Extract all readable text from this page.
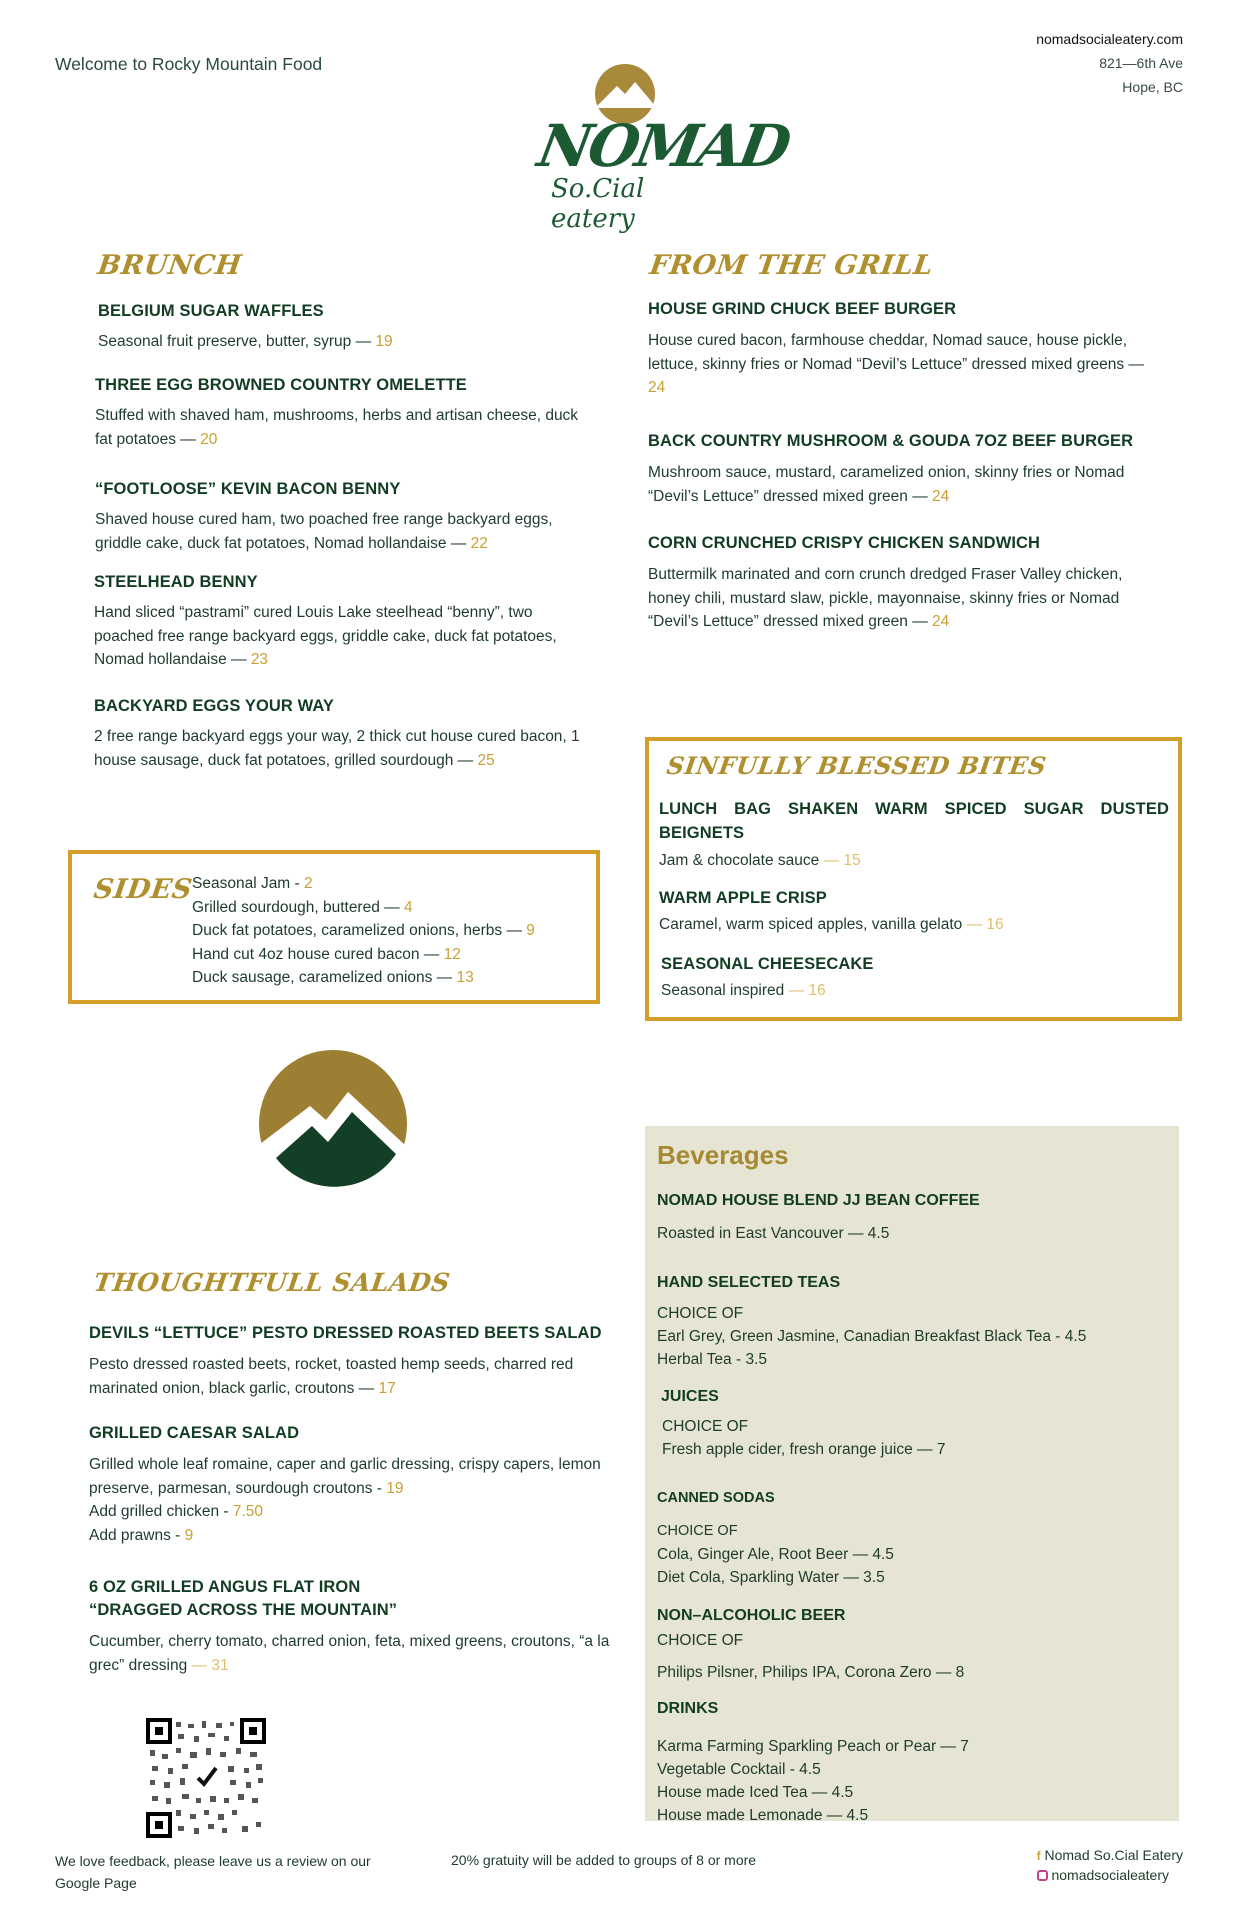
Welcome to Rocky Mountain Food
nomadsocialeatery.com
821—6th Ave
Hope, BC
NOMAD
So.Cial eatery
BRUNCH
BELGIUM SUGAR WAFFLES
Seasonal fruit preserve, butter, syrup — 19
THREE EGG BROWNED COUNTRY OMELETTE
Stuffed with shaved ham, mushrooms, herbs and artisan cheese, duck fat potatoes — 20
“FOOTLOOSE” KEVIN BACON BENNY
Shaved house cured ham, two poached free range backyard eggs, griddle cake, duck fat potatoes, Nomad hollandaise — 22
STEELHEAD BENNY
Hand sliced “pastrami” cured Louis Lake steelhead “benny”, two poached free range backyard eggs, griddle cake, duck fat potatoes, Nomad hollandaise — 23
BACKYARD EGGS YOUR WAY
2 free range backyard eggs your way, 2 thick cut house cured bacon, 1 house sausage, duck fat potatoes, grilled sourdough — 25
FROM THE GRILL
HOUSE GRIND CHUCK BEEF BURGER
House cured bacon, farmhouse cheddar, Nomad sauce, house pickle, lettuce, skinny fries or Nomad “Devil’s Lettuce” dressed mixed greens — 24
BACK COUNTRY MUSHROOM & GOUDA 7OZ BEEF BURGER
Mushroom sauce, mustard, caramelized onion, skinny fries or Nomad “Devil’s Lettuce” dressed mixed green — 24
CORN CRUNCHED CRISPY CHICKEN SANDWICH
Buttermilk marinated and corn crunch dredged Fraser Valley chicken, honey chili, mustard slaw, pickle, mayonnaise, skinny fries or Nomad “Devil’s Lettuce” dressed mixed green — 24
SIDES
Seasonal Jam - 2
Grilled sourdough, buttered — 4
Duck fat potatoes, caramelized onions, herbs — 9
Hand cut 4oz house cured bacon — 12
Duck sausage, caramelized onions — 13
SINFULLY BLESSED BITES
LUNCH BAG SHAKEN WARM SPICED SUGAR DUSTED BEIGNETS
Jam & chocolate sauce — 15
WARM APPLE CRISP
Caramel, warm spiced apples, vanilla gelato — 16
SEASONAL CHEESECAKE
Seasonal inspired — 16
THOUGHTFULL SALADS
DEVILS “LETTUCE” PESTO DRESSED ROASTED BEETS SALAD
Pesto dressed roasted beets, rocket, toasted hemp seeds, charred red marinated onion, black garlic, croutons — 17
GRILLED CAESAR SALAD
Grilled whole leaf romaine, caper and garlic dressing, crispy capers, lemon preserve, parmesan, sourdough croutons - 19
Add grilled chicken - 7.50
Add prawns - 9
6 OZ GRILLED ANGUS FLAT IRON
“DRAGGED ACROSS THE MOUNTAIN”
Cucumber, cherry tomato, charred onion, feta, mixed greens, croutons, “a la grec” dressing — 31
Beverages
NOMAD HOUSE BLEND JJ BEAN COFFEE
Roasted in East Vancouver — 4.5
HAND SELECTED TEAS
CHOICE OF
Earl Grey, Green Jasmine, Canadian Breakfast Black Tea - 4.5
Herbal Tea - 3.5
JUICES
CHOICE OF
Fresh apple cider, fresh orange juice — 7
CANNED SODAS
CHOICE OF
Cola, Ginger Ale, Root Beer — 4.5
Diet Cola, Sparkling Water — 3.5
NON–ALCOHOLIC BEER
CHOICE OF
Philips Pilsner, Philips IPA, Corona Zero — 8
DRINKS
Karma Farming Sparkling Peach or Pear — 7
Vegetable Cocktail - 4.5
House made Iced Tea — 4.5
House made Lemonade — 4.5
We love feedback, please leave us a review on our Google Page
20% gratuity will be added to groups of 8 or more	f Nomad So.Cial Eatery
nomadsocialeatery
